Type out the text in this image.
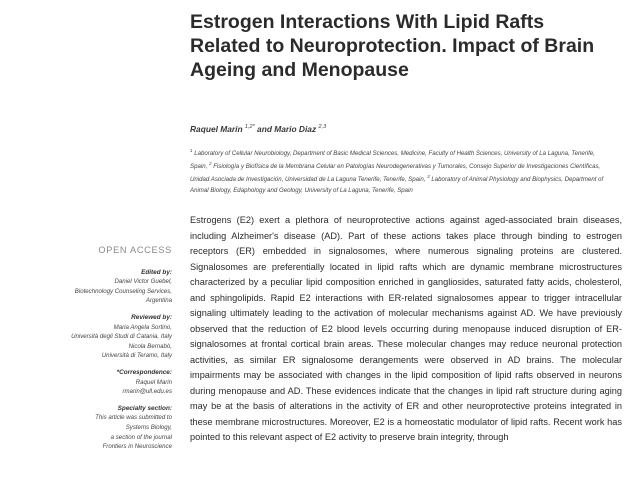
Estrogen Interactions With Lipid Rafts Related to Neuroprotection. Impact of Brain Ageing and Menopause
Raquel Marin $^{1,2*}$ and Mario Diaz $^{2,3}$
$^1$ Laboratory of Cellular Neurobiology, Department of Basic Medical Sciences, Medicine, Faculty of Health Sciences, University of La Laguna, Tenerife, Spain, $^2$ Fisiología y Biofísica de la Membrana Celular en Patologías Neurodegenerativas y Tumorales, Consejo Superior de Investigaciones Científicas, Unidad Asociada de Investigación, Universidad de La Laguna Tenerife, Tenerife, Spain, $^3$ Laboratory of Animal Physiology and Biophysics, Department of Animal Biology, Edaphology and Geology, University of La Laguna, Tenerife, Spain
OPEN ACCESS
Edited by:
Daniel Victor Guebel,
Biotechnology Counseling Services,
Argentina
Reviewed by:
Maria Angela Sortino,
Università degli Studi di Catania, Italy
Nicola Bernabò,
Università di Teramo, Italy
*Correspondence:
Raquel Marin
rmarin@ull.edu.es
Specialty section:
This article was submitted to
Systems Biology,
a section of the journal
Frontiers in Neuroscience

Estrogens (E2) exert a plethora of neuroprotective actions against aged-associated brain diseases, including Alzheimer's disease (AD). Part of these actions takes place through binding to estrogen receptors (ER) embedded in signalosomes, where numerous signaling proteins are clustered. Signalosomes are preferentially located in lipid rafts which are dynamic membrane microstructures characterized by a peculiar lipid composition enriched in gangliosides, saturated fatty acids, cholesterol, and sphingolipids. Rapid E2 interactions with ER-related signalosomes appear to trigger intracellular signaling ultimately leading to the activation of molecular mechanisms against AD. We have previously observed that the reduction of E2 blood levels occurring during menopause induced disruption of ER-signalosomes at frontal cortical brain areas. These molecular changes may reduce neuronal protection activities, as similar ER signalosome derangements were observed in AD brains. The molecular impairments may be associated with changes in the lipid composition of lipid rafts observed in neurons during menopause and AD. These evidences indicate that the changes in lipid raft structure during aging may be at the basis of alterations in the activity of ER and other neuroprotective proteins integrated in these membrane microstructures. Moreover, E2 is a homeostatic modulator of lipid rafts. Recent work has pointed to this relevant aspect of E2 activity to preserve brain integrity, through
